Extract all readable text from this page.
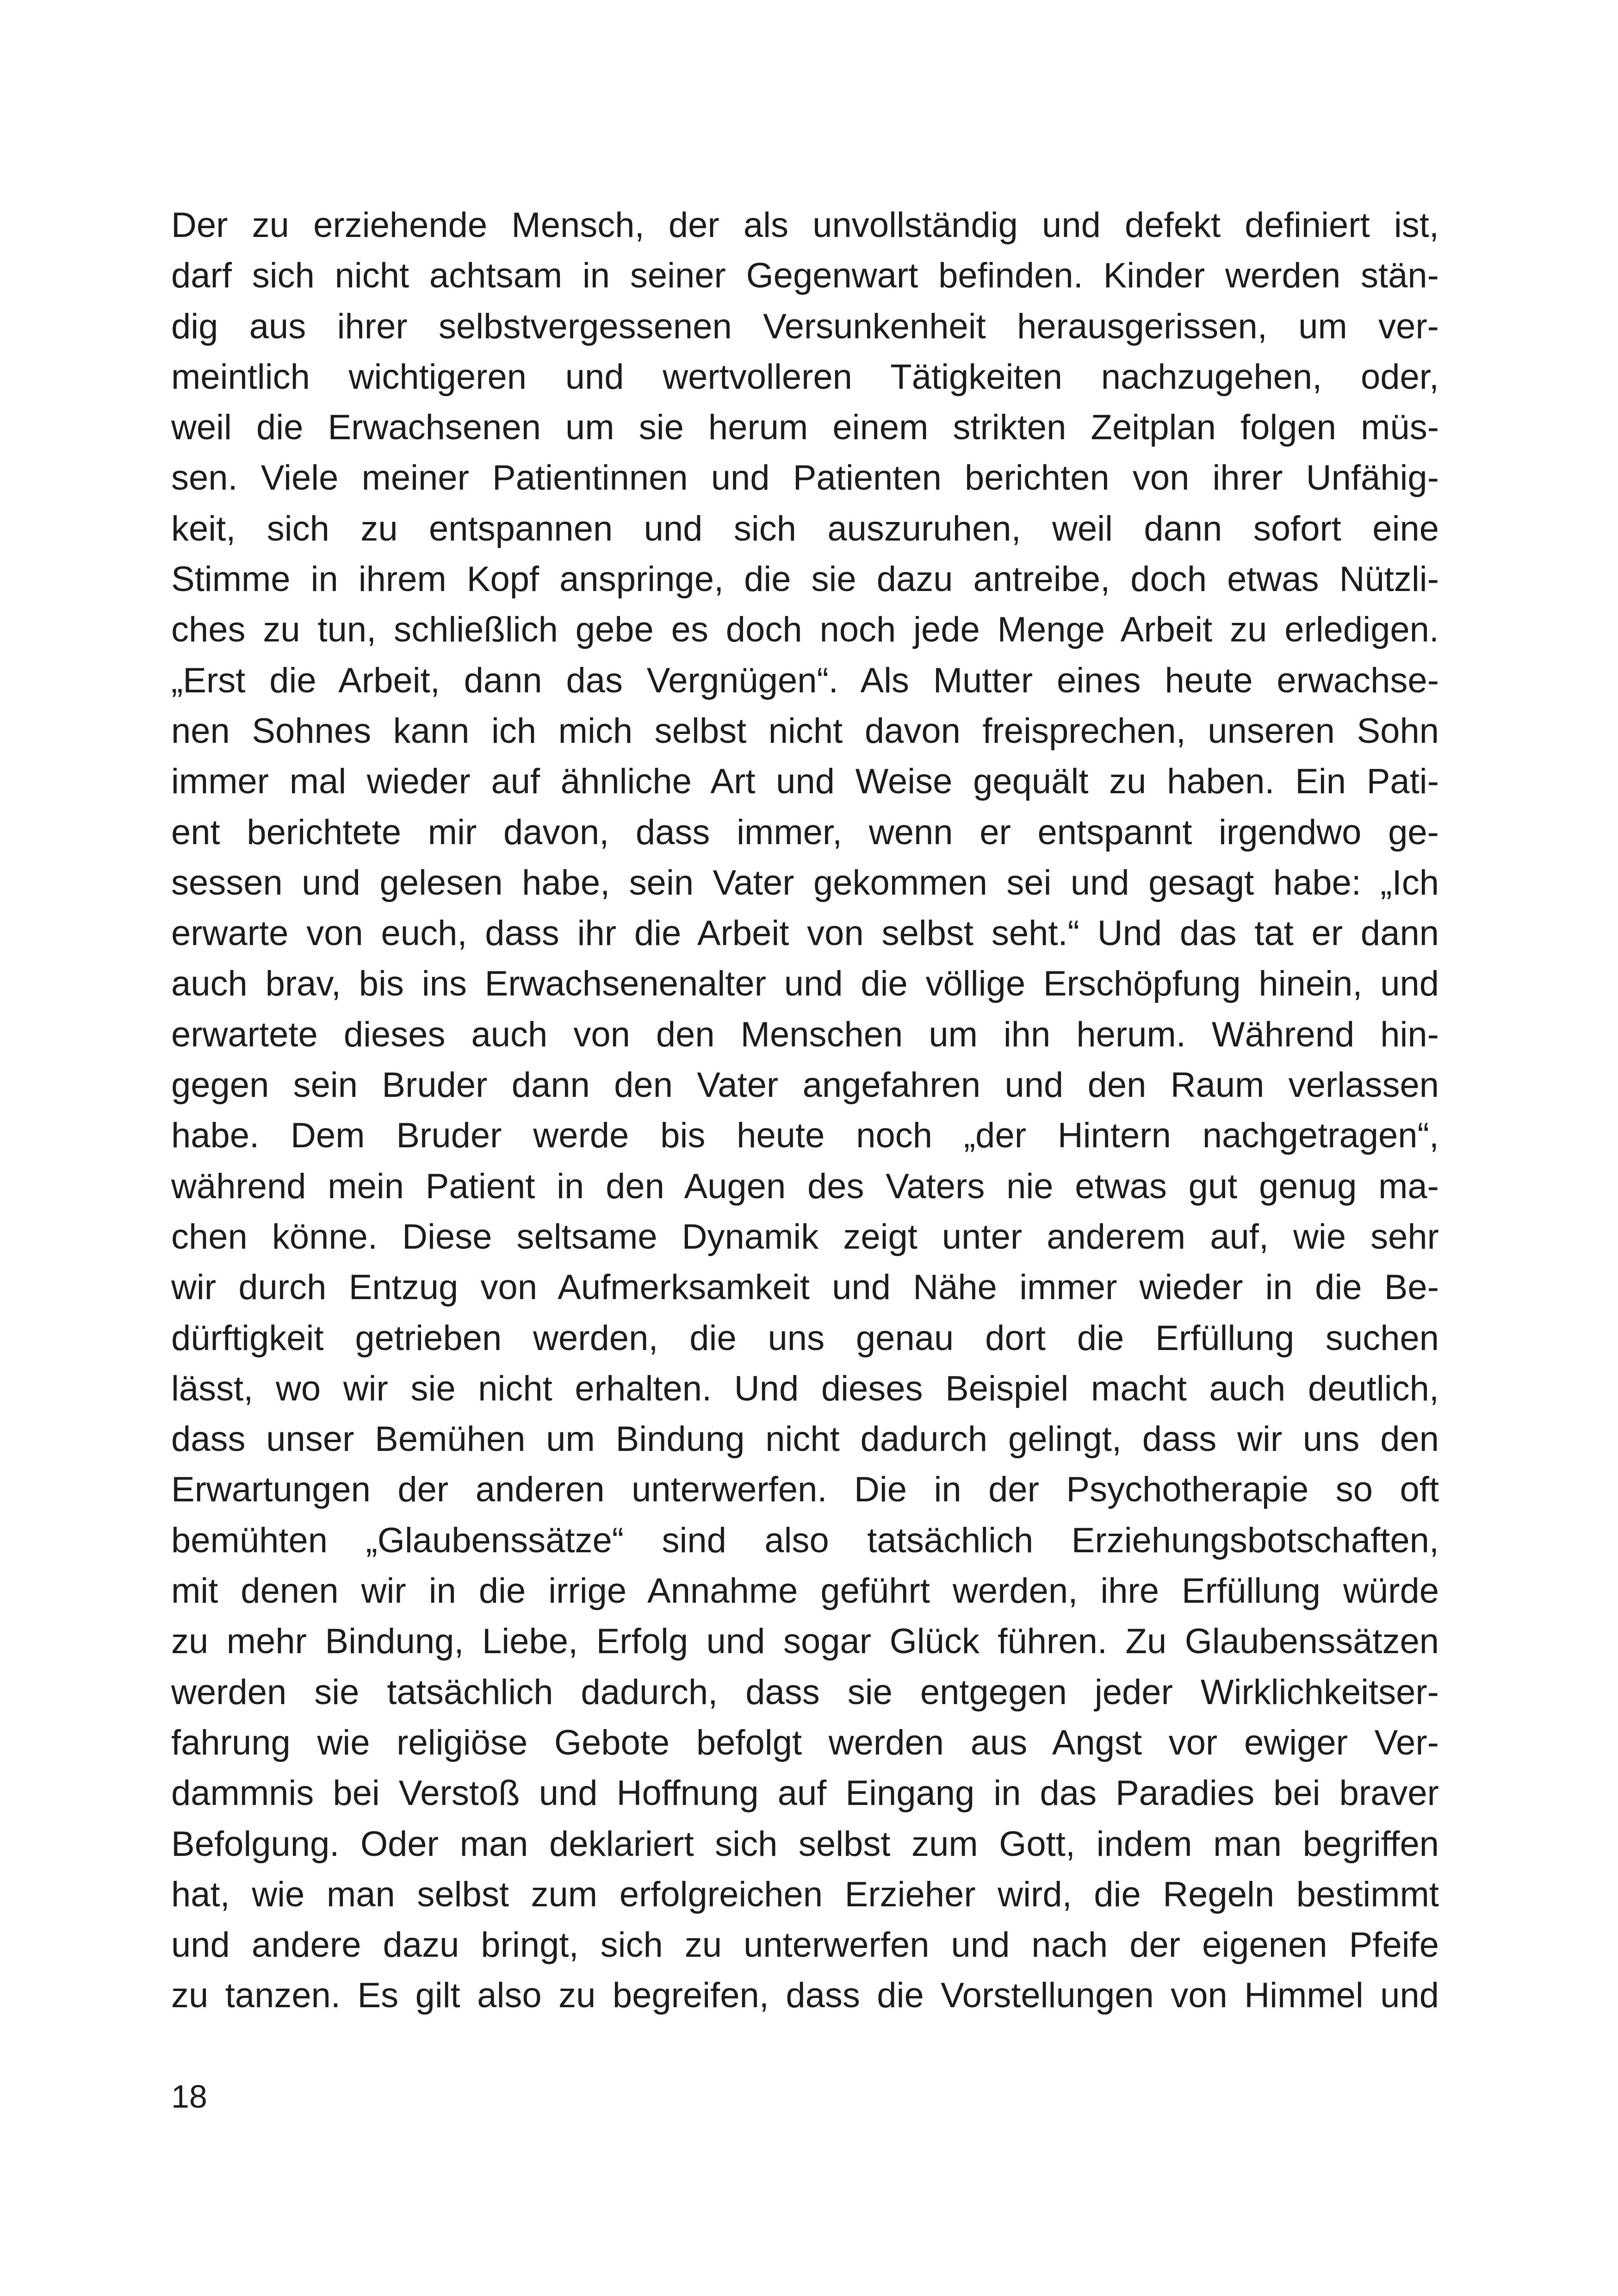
Der zu erziehende Mensch, der als unvollständig und defekt definiert ist,
darf sich nicht achtsam in seiner Gegenwart befinden. Kinder werden stän-
dig aus ihrer selbstvergessenen Versunkenheit herausgerissen, um ver-
meintlich wichtigeren und wertvolleren Tätigkeiten nachzugehen, oder,
weil die Erwachsenen um sie herum einem strikten Zeitplan folgen müs-
sen. Viele meiner Patientinnen und Patienten berichten von ihrer Unfähig-
keit, sich zu entspannen und sich auszuruhen, weil dann sofort eine
Stimme in ihrem Kopf anspringe, die sie dazu antreibe, doch etwas Nützli-
ches zu tun, schließlich gebe es doch noch jede Menge Arbeit zu erledigen.
„Erst die Arbeit, dann das Vergnügen“. Als Mutter eines heute erwachse-
nen Sohnes kann ich mich selbst nicht davon freisprechen, unseren Sohn
immer mal wieder auf ähnliche Art und Weise gequält zu haben. Ein Pati-
ent berichtete mir davon, dass immer, wenn er entspannt irgendwo ge-
sessen und gelesen habe, sein Vater gekommen sei und gesagt habe: „Ich
erwarte von euch, dass ihr die Arbeit von selbst seht.“ Und das tat er dann
auch brav, bis ins Erwachsenenalter und die völlige Erschöpfung hinein, und
erwartete dieses auch von den Menschen um ihn herum. Während hin-
gegen sein Bruder dann den Vater angefahren und den Raum verlassen
habe. Dem Bruder werde bis heute noch „der Hintern nachgetragen“,
während mein Patient in den Augen des Vaters nie etwas gut genug ma-
chen könne. Diese seltsame Dynamik zeigt unter anderem auf, wie sehr
wir durch Entzug von Aufmerksamkeit und Nähe immer wieder in die Be-
dürftigkeit getrieben werden, die uns genau dort die Erfüllung suchen
lässt, wo wir sie nicht erhalten. Und dieses Beispiel macht auch deutlich,
dass unser Bemühen um Bindung nicht dadurch gelingt, dass wir uns den
Erwartungen der anderen unterwerfen. Die in der Psychotherapie so oft
bemühten „Glaubenssätze“ sind also tatsächlich Erziehungsbotschaften,
mit denen wir in die irrige Annahme geführt werden, ihre Erfüllung würde
zu mehr Bindung, Liebe, Erfolg und sogar Glück führen. Zu Glaubenssätzen
werden sie tatsächlich dadurch, dass sie entgegen jeder Wirklichkeitser-
fahrung wie religiöse Gebote befolgt werden aus Angst vor ewiger Ver-
dammnis bei Verstoß und Hoffnung auf Eingang in das Paradies bei braver
Befolgung. Oder man deklariert sich selbst zum Gott, indem man begriffen
hat, wie man selbst zum erfolgreichen Erzieher wird, die Regeln bestimmt
und andere dazu bringt, sich zu unterwerfen und nach der eigenen Pfeife
zu tanzen. Es gilt also zu begreifen, dass die Vorstellungen von Himmel und
18
